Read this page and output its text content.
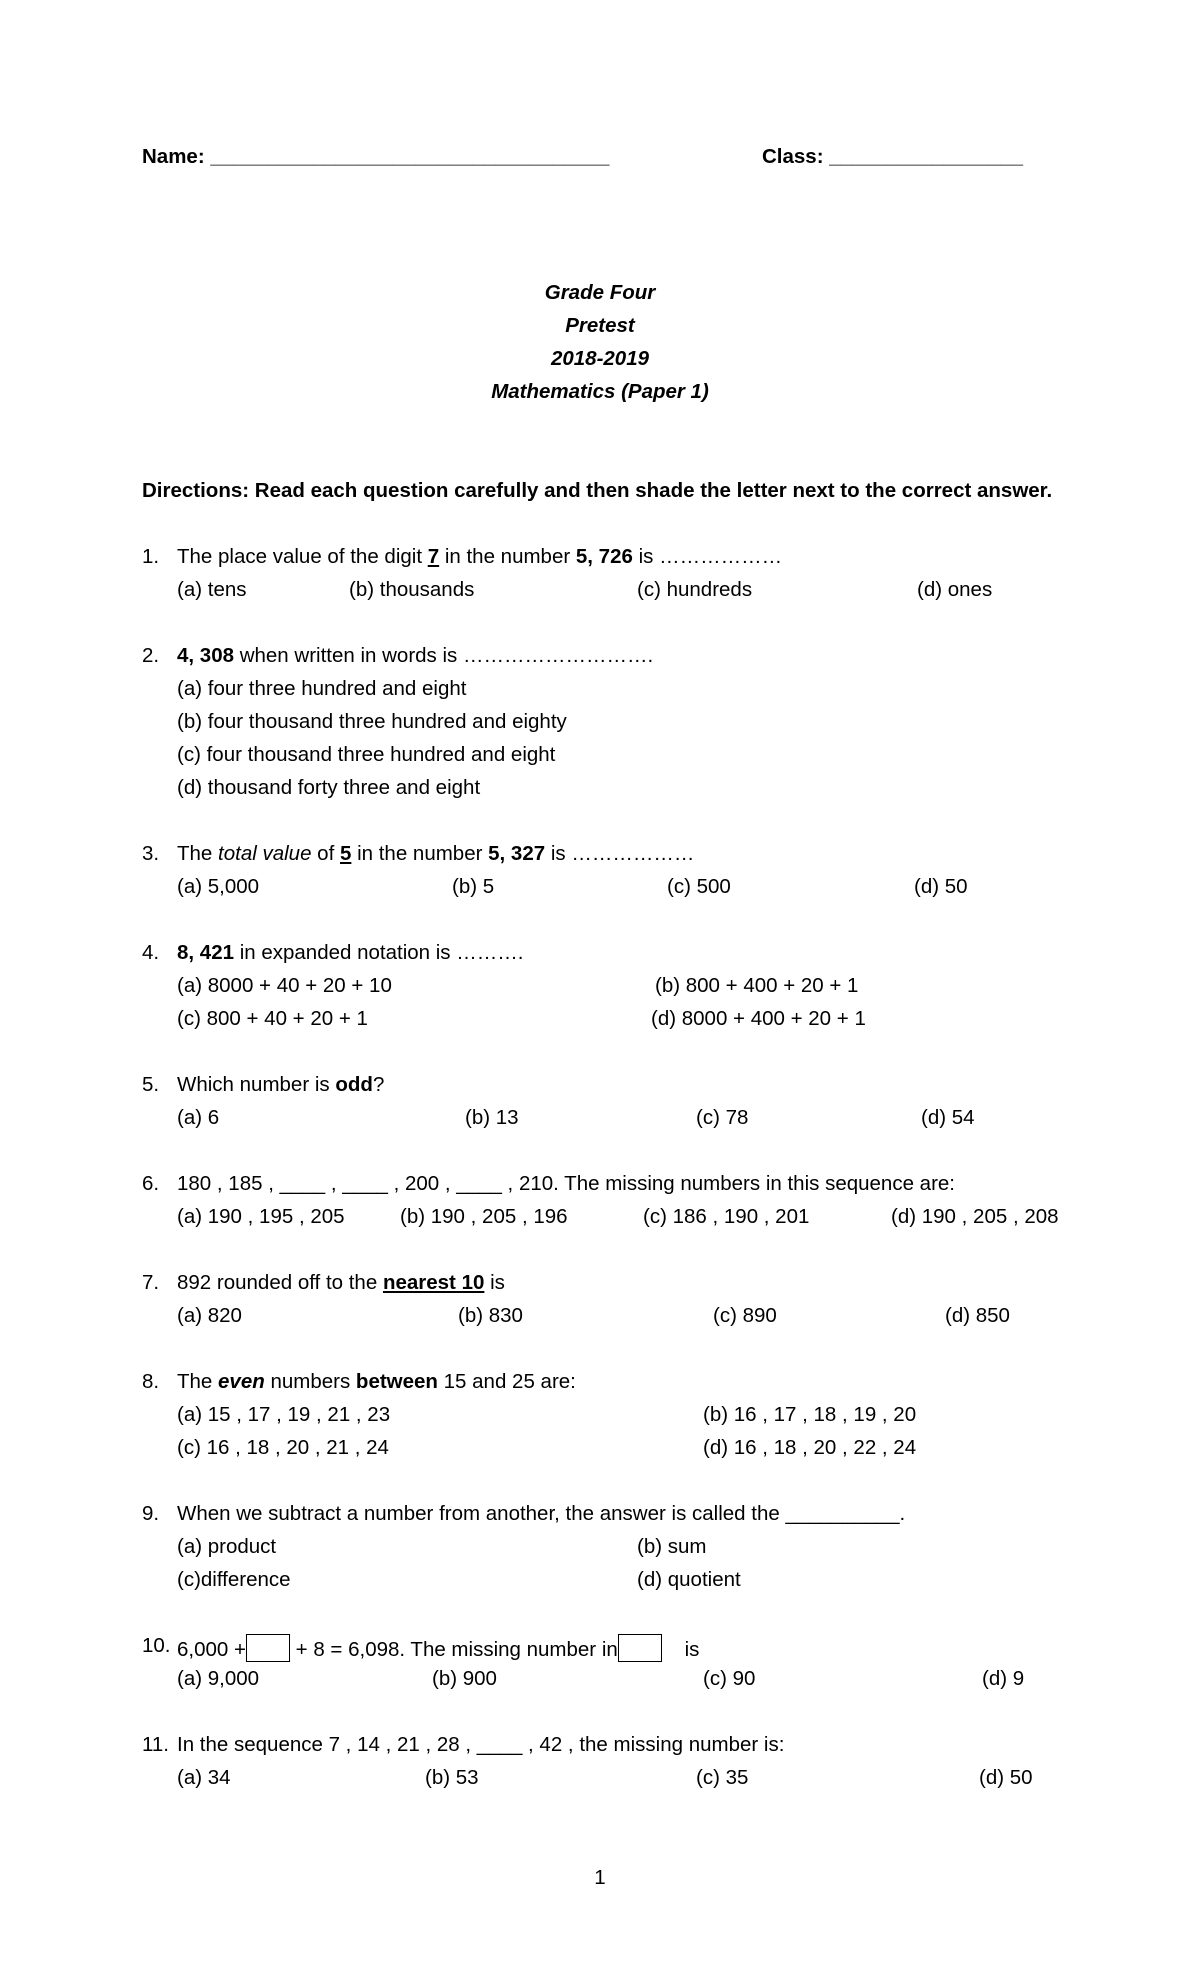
Name: ___________________________________	Class: _________________
Grade Four
Pretest
2018-2019
Mathematics (Paper 1)
Directions: Read each question carefully and then shade the letter next to the correct answer.
1. The place value of the digit 7 in the number 5, 726 is ………………
(a) tens	(b) thousands	(c) hundreds	(d) ones
2. 4, 308 when written in words is ……………………….
(a) four three hundred and eight
(b) four thousand three hundred and eighty
(c) four thousand three hundred and eight
(d) thousand forty three and eight
3. The total value of 5 in the number 5, 327 is ………………
(a) 5,000	(b) 5	(c) 500	(d) 50
4. 8, 421 in expanded notation is ……….
(a) 8000 + 40 + 20 + 10	(b) 800 + 400 + 20 + 1
(c) 800 + 40 + 20 + 1	(d) 8000 + 400 + 20 + 1
5. Which number is odd?
(a) 6	(b) 13	(c) 78	(d) 54
6. 180 , 185 , ____ , ____ , 200 , ____ , 210. The missing numbers in this sequence are:
(a) 190 , 195 , 205	(b) 190 , 205 , 196	(c) 186 , 190 , 201	(d) 190 , 205 , 208
7. 892 rounded off to the nearest 10 is
(a) 820	(b) 830	(c) 890	(d) 850
8. The even numbers between 15 and 25 are:
(a) 15 , 17 , 19 , 21 , 23	(b) 16 , 17 , 18 , 19 , 20
(c) 16 , 18 , 20 , 21 , 24	(d) 16 , 18 , 20 , 22 , 24
9. When we subtract a number from another, the answer is called the __________.
(a) product	(b) sum
(c)difference	(d) quotient
10. 6,000 + + 8 = 6,098. The missing number in	is
(a) 9,000	(b) 900	(c) 90	(d) 9
11. In the sequence 7 , 14 , 21 , 28 , ____ , 42 , the missing number is:
(a) 34	(b) 53	(c) 35	(d) 50
1
